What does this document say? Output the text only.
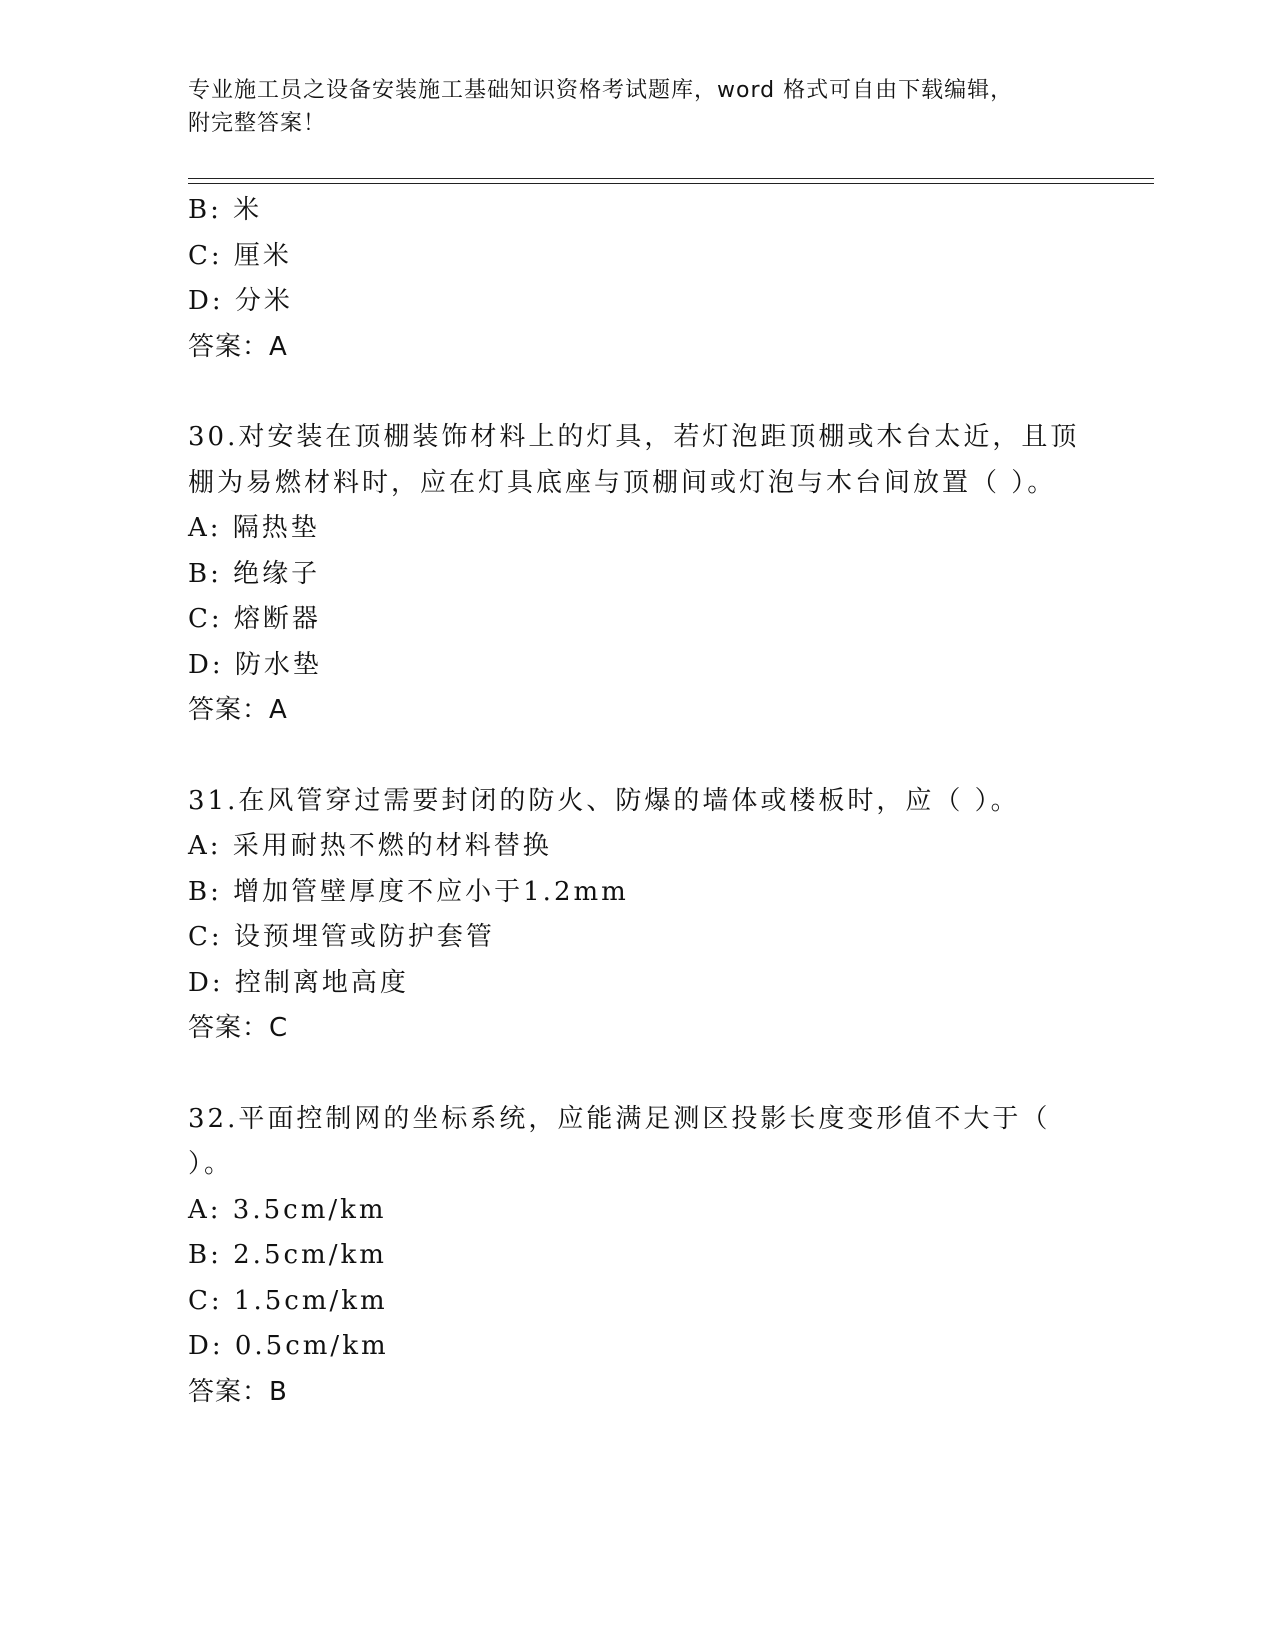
专业施工员之设备安装施工基础知识资格考试题库，word 格式可自由下载编辑，
附完整答案！
B: 米
C: 厘米
D: 分米
答案：A
30.对安装在顶棚装饰材料上的灯具，若灯泡距顶棚或木台太近，且顶
棚为易燃材料时，应在灯具底座与顶棚间或灯泡与木台间放置（ ）。
A: 隔热垫
B: 绝缘子
C: 熔断器
D: 防水垫
答案：A
31.在风管穿过需要封闭的防火、防爆的墙体或楼板时，应（ ）。
A: 采用耐热不燃的材料替换
B: 增加管壁厚度不应小于1.2mm
C: 设预埋管或防护套管
D: 控制离地高度
答案：C
32.平面控制网的坐标系统，应能满足测区投影长度变形值不大于（
）。
A: 3.5cm/km
B: 2.5cm/km
C: 1.5cm/km
D: 0.5cm/km
答案：B
